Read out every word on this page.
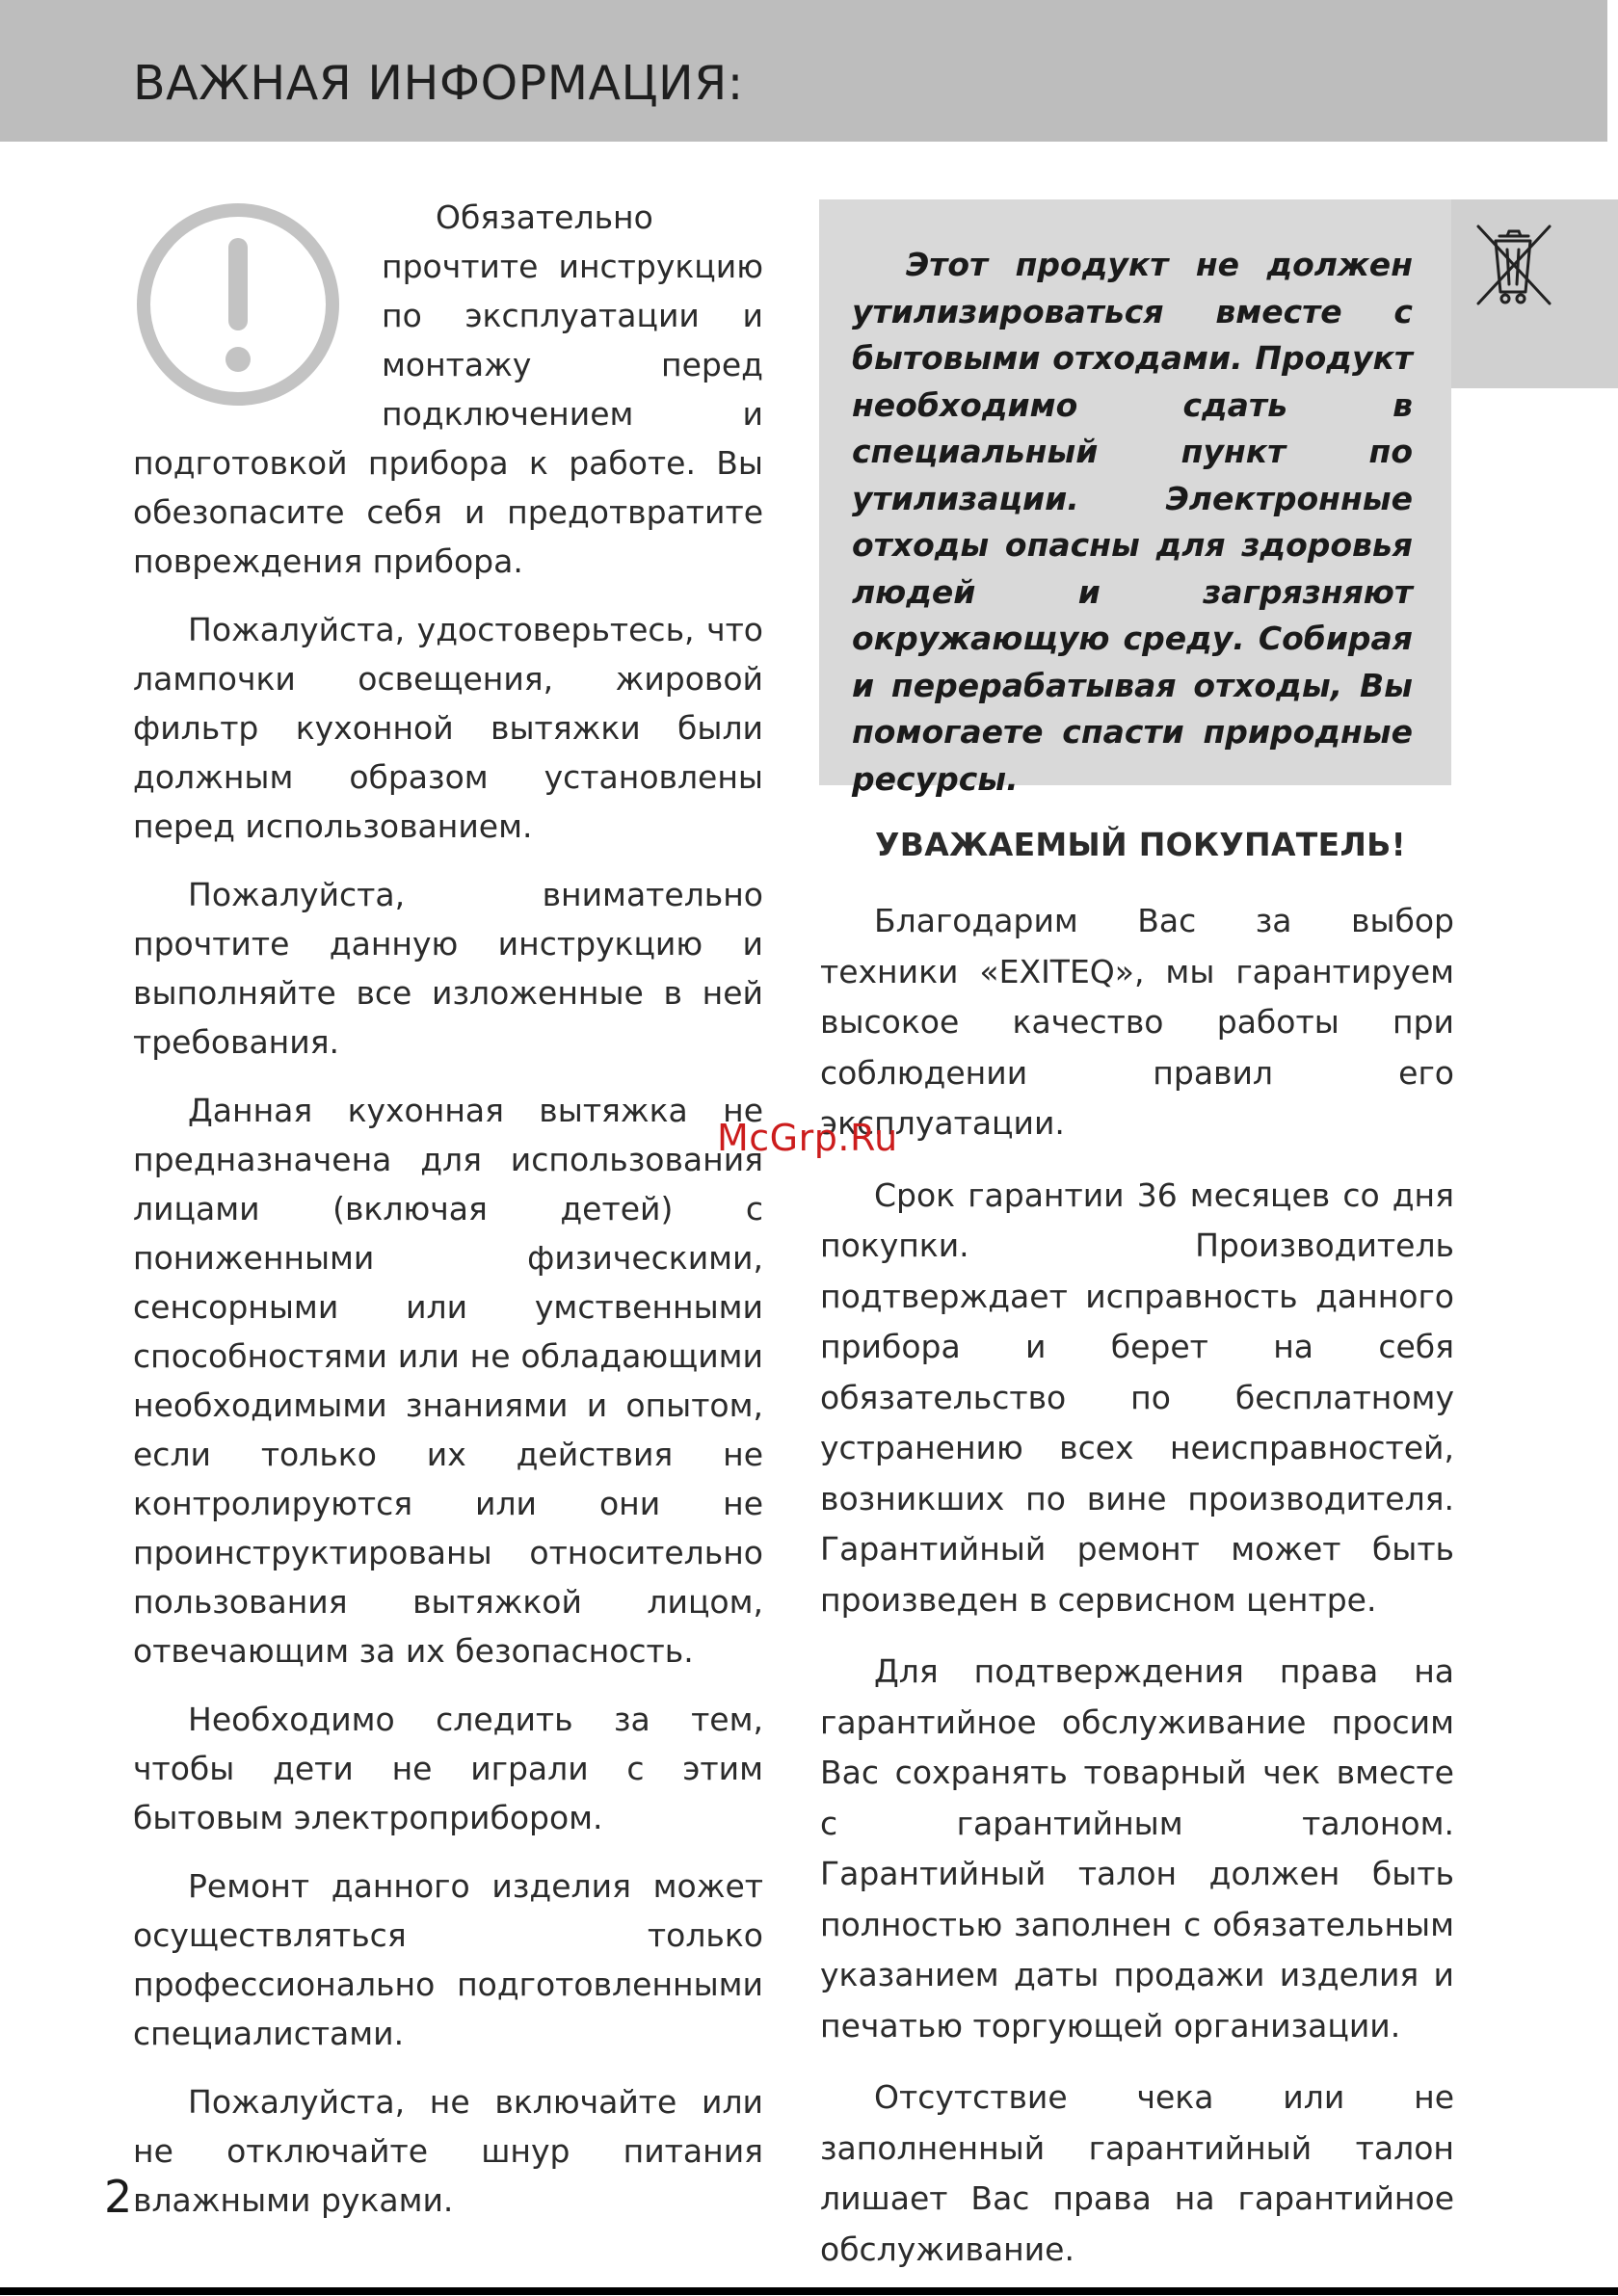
ВАЖНАЯ ИНФОРМАЦИЯ:

Обязательно прочтите инструкцию по эксплуатации и монтажу перед подключением и подготовкой прибора к работе. Вы обезопасите себя и предотвратите повреждения прибора.

Пожалуйста, удостоверьтесь, что лампочки освещения, жировой фильтр кухонной вытяжки были должным образом установлены перед использованием.

Пожалуйста, внимательно прочтите данную инструкцию и выполняйте все изложенные в ней требования.

Данная кухонная вытяжка не предназначена для использования лицами (включая детей) с пониженными физическими, сенсорными или умственными способностями или не обладающими необходимыми знаниями и опытом, если только их действия не контролируются или они не проинструктированы относительно пользования вытяжкой лицом, отвечающим за их безопасность.

Необходимо следить за тем, чтобы дети не играли с этим бытовым электроприбором.

Ремонт данного изделия может осуществляться только профессионально подготовленными специалистами.

Пожалуйста, не включайте или не отключайте шнур питания влажными руками.

Этот продукт не должен утилизироваться вместе с бытовыми отходами. Продукт необходимо сдать в специальный пункт по утилизации. Электронные отходы опасны для здоровья людей и загрязняют окружающую среду. Собирая и перерабатывая отходы, Вы помогаете спасти природные ресурсы.

УВАЖАЕМЫЙ ПОКУПАТЕЛЬ!

Благодарим Вас за выбор техники «EXITEQ», мы гарантируем высокое качество работы при соблюдении правил его эксплуатации.

Срок гарантии 36 месяцев со дня покупки. Производитель подтверждает исправность данного прибора и берет на себя обязательство по бесплатному устранению всех неисправностей, возникших по вине производителя. Гарантийный ремонт может быть произведен в сервисном центре.

Для подтверждения права на гарантийное обслуживание просим Вас сохранять товарный чек вместе с гарантийным талоном. Гарантийный талон должен быть полностью заполнен с обязательным указанием даты продажи изделия и печатью торгующей организации.

Отсутствие чека или не заполненный гарантийный талон лишает Вас права на гарантийное обслуживание.

McGrp.Ru

2
